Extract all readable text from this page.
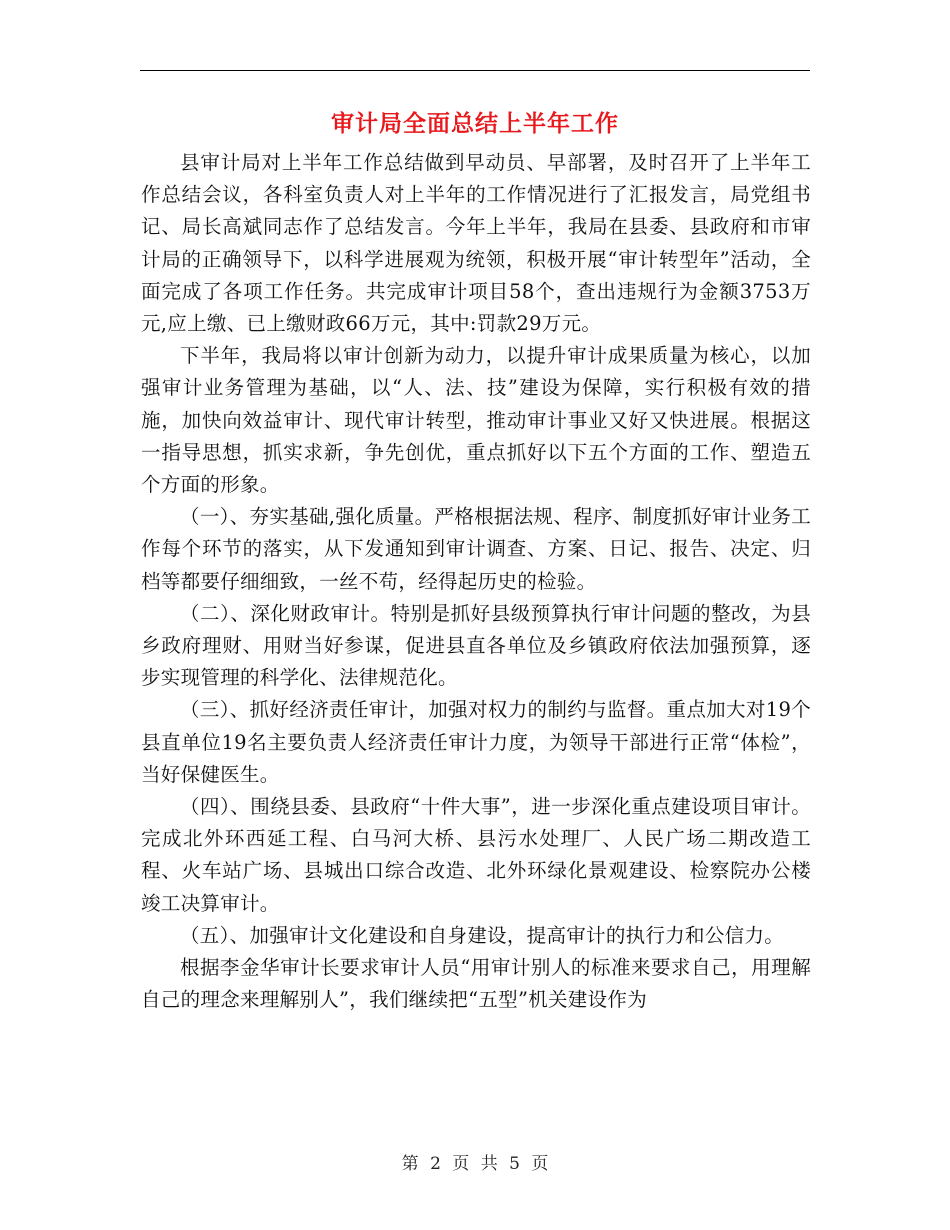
审计局全面总结上半年工作

县审计局对上半年工作总结做到早动员、早部署，及时召开了上半年工作总结会议，各科室负责人对上半年的工作情况进行了汇报发言，局党组书记、局长高斌同志作了总结发言。今年上半年，我局在县委、县政府和市审计局的正确领导下，以科学进展观为统领，积极开展“审计转型年”活动，全面完成了各项工作任务。共完成审计项目58个，查出违规行为金额3753万元,应上缴、已上缴财政66万元，其中:罚款29万元。

下半年，我局将以审计创新为动力，以提升审计成果质量为核心，以加强审计业务管理为基础，以“人、法、技”建设为保障，实行积极有效的措施，加快向效益审计、现代审计转型，推动审计事业又好又快进展。根据这一指导思想，抓实求新，争先创优，重点抓好以下五个方面的工作、塑造五个方面的形象。

（一）、夯实基础,强化质量。严格根据法规、程序、制度抓好审计业务工作每个环节的落实，从下发通知到审计调查、方案、日记、报告、决定、归档等都要仔细细致，一丝不苟，经得起历史的检验。

（二）、深化财政审计。特别是抓好县级预算执行审计问题的整改，为县乡政府理财、用财当好参谋，促进县直各单位及乡镇政府依法加强预算，逐步实现管理的科学化、法律规范化。

（三）、抓好经济责任审计，加强对权力的制约与监督。重点加大对19个县直单位19名主要负责人经济责任审计力度，为领导干部进行正常“体检”，当好保健医生。

（四）、围绕县委、县政府“十件大事”，进一步深化重点建设项目审计。完成北外环西延工程、白马河大桥、县污水处理厂、人民广场二期改造工程、火车站广场、县城出口综合改造、北外环绿化景观建设、检察院办公楼竣工决算审计。

（五）、加强审计文化建设和自身建设，提高审计的执行力和公信力。

根据李金华审计长要求审计人员“用审计别人的标准来要求自己，用理解自己的理念来理解别人”，我们继续把“五型”机关建设作为

第 2 页 共 5 页
